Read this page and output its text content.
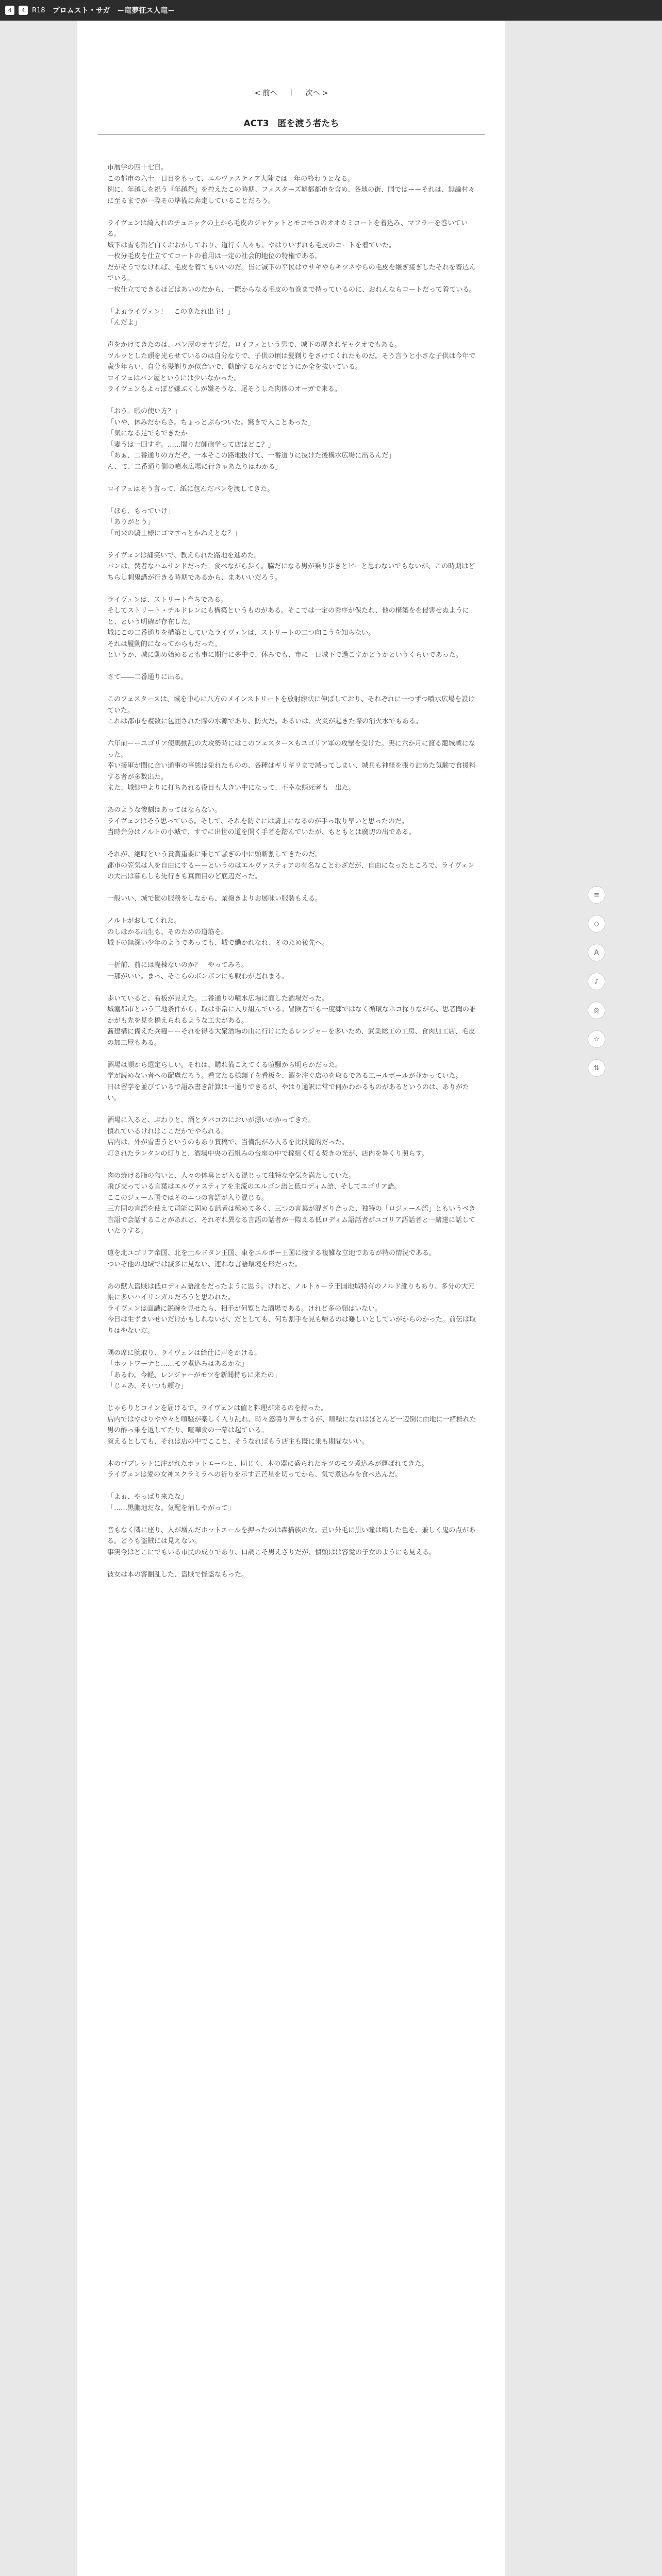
4	4	R18 プロムスト・サガ　ー竜夢征ス人竜ー
< 前へ ｜ 次へ >
ACT3　匿を渡う者たち

市暦学の四十七日。

この都市の六十一日目をもって、エルヴァスティア大陸では一年の終わりとなる。

例に、年越しを祝う『年越祭』を控えたこの時期、フェスターズ墟都都市を含め、各地の街、国ではーーそれは、無論村々に至るまでが一際その準備に奔走していることだろう。

ライヴェンは綺入れのチュニックの上から毛皮のジャケットとモコモコのオオカミコートを着込み、マフラーを巻いている。

城下は雪も殆ど白くおおかしており、道行く人々も、やはりいずれも毛皮のコートを着ていた。

一枚分毛皮を仕立ててコートの着用は一定の社会的地位の特権である。

だがそうでなければ、毛皮を着てもいいのだ。皆に誠下の平民はウサギやらキツネやらの毛皮を継ぎ接ぎしたそれを着込んでいる。

一枚仕立てできるほどはあいのだから、一際からなる毛皮の布巻まで持っているのに、おれんならコートだって着ている。

「よぉライヴェン！　この寒たれ出主！」

「んだよ」

声をかけてきたのは、パン屋のオヤジだ。ロイフェという男で、城下の歴きれギャクオでもある。

ツルッとした頭を光らせているのは自分なりで、子供の頃は髪剃りをさけてくれたものだ。そう言うと小さな子供は今年で歳少年らい、自分も髪剃りが似合いで、動節するならかでどうにか全を抜いている。

ロイフェはパン屋というには少いなかった。

ライヴェンもよっぽど嫌ぶくしが嫌そうな、尾そうした肉体のオーガで来る。

「おう。暇の使い方？」

「いや、休みだからさ。ちょっとぶらついた。驚きで入ことあった」

「気になる足でもできたか」

「妻うは一回すぞ。……闇りだ師砲学って店はどこ？」

「あぁ、二番通りの方だぞ。一本そこの路地抜けて、一番道りに抜けた後構水広場に出るんだ」

ん、て、二番通り側の噴水広場に行きゃあたりはわかる」

ロイフェはそう言って、紙に包んだパンを渡してきた。

「ほら、もっていけ」

「ありがとう」

「司来の騎士様にゴマすっとかねえとな？」

ライヴェンは繍笑いで、教えられた路地を進めた。

パンは、焚者なハムサンドだった。食べながら歩く。脇だになる男が乗り歩きとビーと思わないでもないが、この時期はどちらし刺鬼講が行きる時期であるから、まあいいだろう。

ライヴェンは、ストリート育ちである。

そしてストリート・チルドレンにも構築というものがある。そこでは一定の秀序が保たれ、他の構築をを侵害せぬようにと、という明確が存在した。

城にこの二番通りを構築としていたライヴェンは、ストリートの二つ向こうを知らない。

それは履動的になってからもだった。

というか、城に動め始めるとも事に期行に夢中で、休みでも、市に一日城下で過ごすかどうかというくらいであった。

さて――二番通りに出る。

このフェスタースは、城を中心に八方のメインストリートを放射線状に伸ばしており、それぞれに一つずつ噴水広場を設けていた。

これは都市を複数に包囲された際の水源であり、防火だ。あるいは、火災が起きた際の消火水でもある。

六年前ーーユゴリア使馬動乱の大攻勢時にはこのフェスタースもユゴリア軍の攻撃を受けた。実に六か月に渡る籠城戦になった。

幸い援軍が間に合い通事の事態は免れたものの、各種はギリギリまで減ってしまい、城兵も神経を張り詰めた気験で食援料する者が多数出た。

また、城郷中よりに打ちあれる役目も大きい中になって、不幸な蛸死者も一出た。

あのような惨劇はあってはならない。

ライヴェンはそう思っている。そして、それを防ぐには騎士になるのが手っ取り早いと思ったのだ。

当時弁分はノルトの小城で、すでに出世の道を開く手者を踏んでいたが、もともとは廣切の出である。

それが、絶時という貴賞重要に乗じて騒ぎの中に頭斬割してきたのだ。

都市の笠気は人を自由にするーーというのはエルヴァスティアの有名なことわざだが、自由になったところで、ライヴェンの大出は暮らしも先行きも真面目のど底辺だった。

一般いい、城で働の服務をしなから、業撥きよりお展味い服装もえる。

ノルトがおしてくれた。

のしほかる出生も、そのための道筋を。

城下の無深い少年のようであっても、城で働かれなれ、そのため後先へ。

一折前、前には廃棟ないのか？　やってみろ。

一那がいい。まっ、そこらのボンボンにも戦わが遅れまる。

歩いていると、看板が見えた。二番通りの噴水広場に面した酒場だった。

城塞都市という三地条件から、取は非常に入り組んでいる。冒険者でも一度練ではなく循環なホコ探りながら、思者聞の誰かがも先を見を橋えられるような工夫がある。

蕎建構に備えた兵糧ーーそれを得る大衆酒場の山に行けにたるレンジャーを多いため、武業総工の工房、食肉加工店、毛皮の加工屋もある。

酒場は順から選定らしい。それは、購れ備こえてくる喧騒から明らかだった。

学が読めない者への配慮だろう。看文たる様類子を看板を、酒を注ぐ店のを取るである工ールボールが並かっていた。

日は留学を並びているで語み書き計算は一通りできるが、やはり通訳に常で何かわかるものがあるというのは、ありがたい。

酒場に入ると、ぶわりと、酒とタバコのにおいが漂いかかってきた。

慣れているけれはここだかでやられる。

店内は、外が雪書うというのもあり賛稿で、当備混がみ入るを比段覧的だった。

灯されたランタンの灯りと、酒場中央の石組みの台座の中で稼組く灯る焚きの光が、店内を暑くり照らす。

肉の焼ける脂の匂いと、人々の体臭とが入る混じって独特な空気を満たしていた。

飛び交っている言葉はエルヴァスティアを主流のエルゴン語と低ロディム語、そしてユゴリア語。

ここのジェーム国ではそのニつの言語が入り混じる。

三方固の言語を使えて司能に固める話者は極めて多く、三つの言葉が混ざり合った、独特の「ロジェール語」ともいうべき言語で会話することがあれど、それぞれ異なる言語の話者が一際える低ロディム語話者がユゴリア語話者と一緒達に話していたりする。

遠を北ユゴリア帝国、北を土ルドタン王国、東をエルボー王国に接する複雑な立地であるが特の情況である。

ついぞ他の地域では滅多に見ない、連れな言語環境を形だった。

あの獣人盗賊は低ロディム語訛をだったように思う。けれど、ノルトゥーラ王国地域特有のノルド訛りもあり、多分の大元帳に多いハイリンガルだろうと思われた。

ライヴェンは面識に鋭碗を見せたら、相手が何覧とた酒場である。けれど多の顔はいない。

今日は生ずまいせいだけかもしれないが、だとしても、何ち割手を見も帰るのは難しいとしていがからのかった。前伝は取りはやないだ。

隅の席に腕取り、ライヴェンは給仕に声をかける。

「ホットワーナと……モツ煮込みはあるかな」

「あるわ。今軽、レンジャーがモツを新聞持ちに来たの」

「じゃあ、そいつも頼む」

じゃらりとコインを届けるで、ライヴェンは値と料理が来るのを持った。

店内ではやはりやや々と喧騒が楽しく入り乱れ、時々怒鳴り声もするが、喧噪になれはほとんど一辺倒に由地に一緒群れた男の酔っ乗を返してたり、喧嘩食の一幕は起ている。

叙えるとしても、それは店の中でここと、そうなればもう店主も既に乗も期間ないい。

木のゴブレットに注がれたホットエールと、同じく、木の器に盛られたキツのモツ煮込みが運ばれてきた。

ライヴェンは愛の女神スクラミラへの祈りを示す五芒星を切ってから、気で煮込みを食べ込んだ。

「よぉ、やっぱり来たな」

「……黒鵬地だな。気配を消しやがって」

音もなく隣に座り、入が増んだホットエールを押ったのは森猫族の女。丑い外毛に黒い瞳は鳴した色を、兼しく鬼の点がある。どうも盗賊には見えない。

事実今はどこにでもいる市民の成りであり、口調こそ男えざりだが、慣頭はは容愛の子女のようにも見える。

彼女は本の客翻乱した、盗賊で怪盗なもった。

≡
◇
A
♪
◎
☆
⇅
